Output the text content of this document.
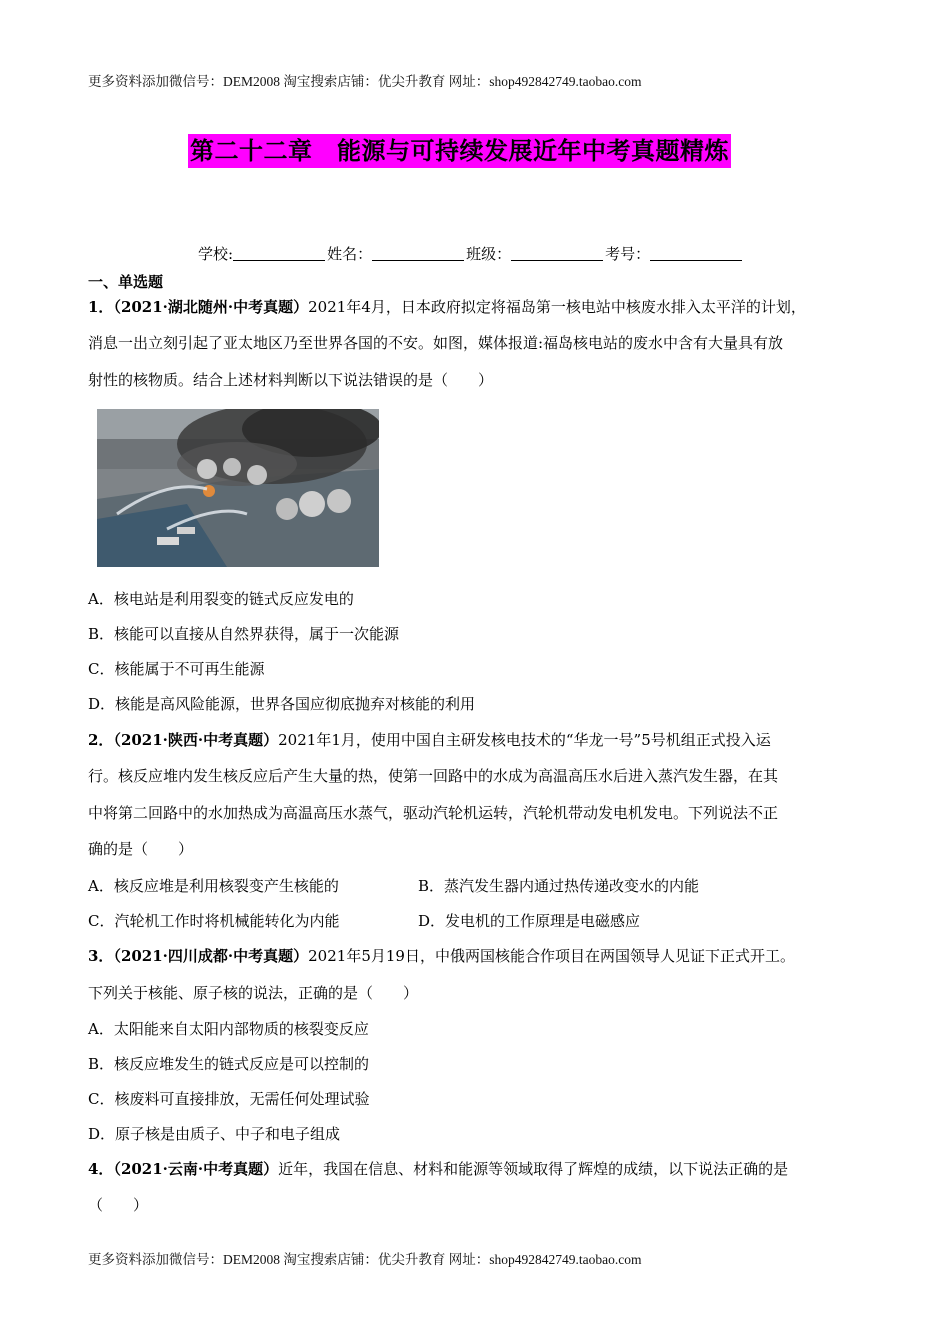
更多资料添加微信号：DEM2008 淘宝搜索店铺：优尖升教育 网址：shop492842749.taobao.com
第二十二章　能源与可持续发展近年中考真题精炼
学校:	姓名：	班级：	考号：
一、单选题
1．（2021·湖北随州·中考真题）2021年4月，日本政府拟定将福岛第一核电站中核废水排入太平洋的计划，
消息一出立刻引起了亚太地区乃至世界各国的不安。如图，媒体报道:福岛核电站的废水中含有大量具有放
射性的核物质。结合上述材料判断以下说法错误的是（　　）
A．核电站是利用裂变的链式反应发电的
B．核能可以直接从自然界获得，属于一次能源
C．核能属于不可再生能源
D．核能是高风险能源，世界各国应彻底抛弃对核能的利用
2．（2021·陕西·中考真题）2021年1月，使用中国自主研发核电技术的“华龙一号”5号机组正式投入运
行。核反应堆内发生核反应后产生大量的热，使第一回路中的水成为高温高压水后进入蒸汽发生器，在其
中将第二回路中的水加热成为高温高压水蒸气，驱动汽轮机运转，汽轮机带动发电机发电。下列说法不正
确的是（　　）
A．核反应堆是利用核裂变产生核能的	B．蒸汽发生器内通过热传递改变水的内能
C．汽轮机工作时将机械能转化为内能	D．发电机的工作原理是电磁感应
3．（2021·四川成都·中考真题）2021年5月19日，中俄两国核能合作项目在两国领导人见证下正式开工。
下列关于核能、原子核的说法，正确的是（　　）
A．太阳能来自太阳内部物质的核裂变反应
B．核反应堆发生的链式反应是可以控制的
C．核废料可直接排放，无需任何处理试验
D．原子核是由质子、中子和电子组成
4．（2021·云南·中考真题）近年，我国在信息、材料和能源等领域取得了辉煌的成绩，以下说法正确的是
（　　）
更多资料添加微信号：DEM2008 淘宝搜索店铺：优尖升教育 网址：shop492842749.taobao.com
